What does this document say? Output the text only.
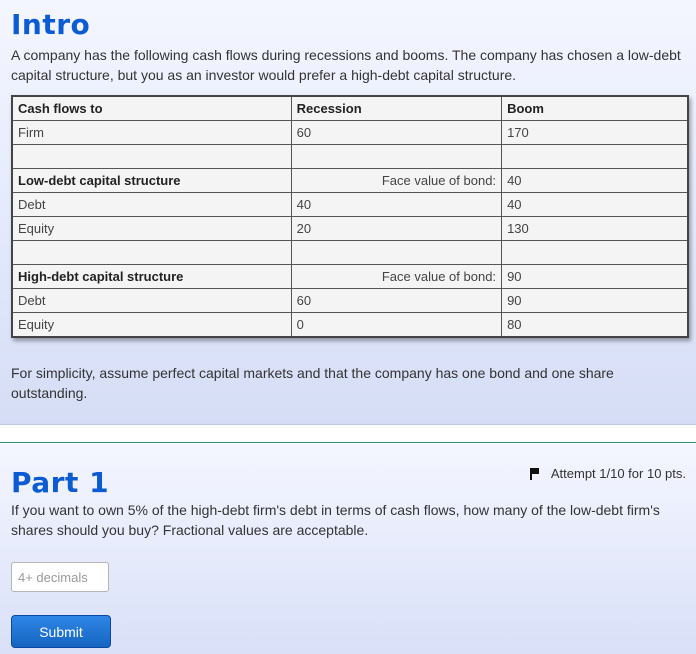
Intro

A company has the following cash flows during recessions and booms. The company has chosen a low-debt capital structure, but you as an investor would prefer a high-debt capital structure.

Cash flows to	Recession	Boom
Firm	60	170

Low-debt capital structure	Face value of bond:	40
Debt	40	40
Equity	20	130

High-debt capital structure	Face value of bond:	90
Debt	60	90
Equity	0	80

For simplicity, assume perfect capital markets and that the company has one bond and one share outstanding.

Part 1	Attempt 1/10 for 10 pts.

If you want to own 5% of the high-debt firm's debt in terms of cash flows, how many of the low-debt firm's shares should you buy? Fractional values are acceptable.

4+ decimals
Submit
